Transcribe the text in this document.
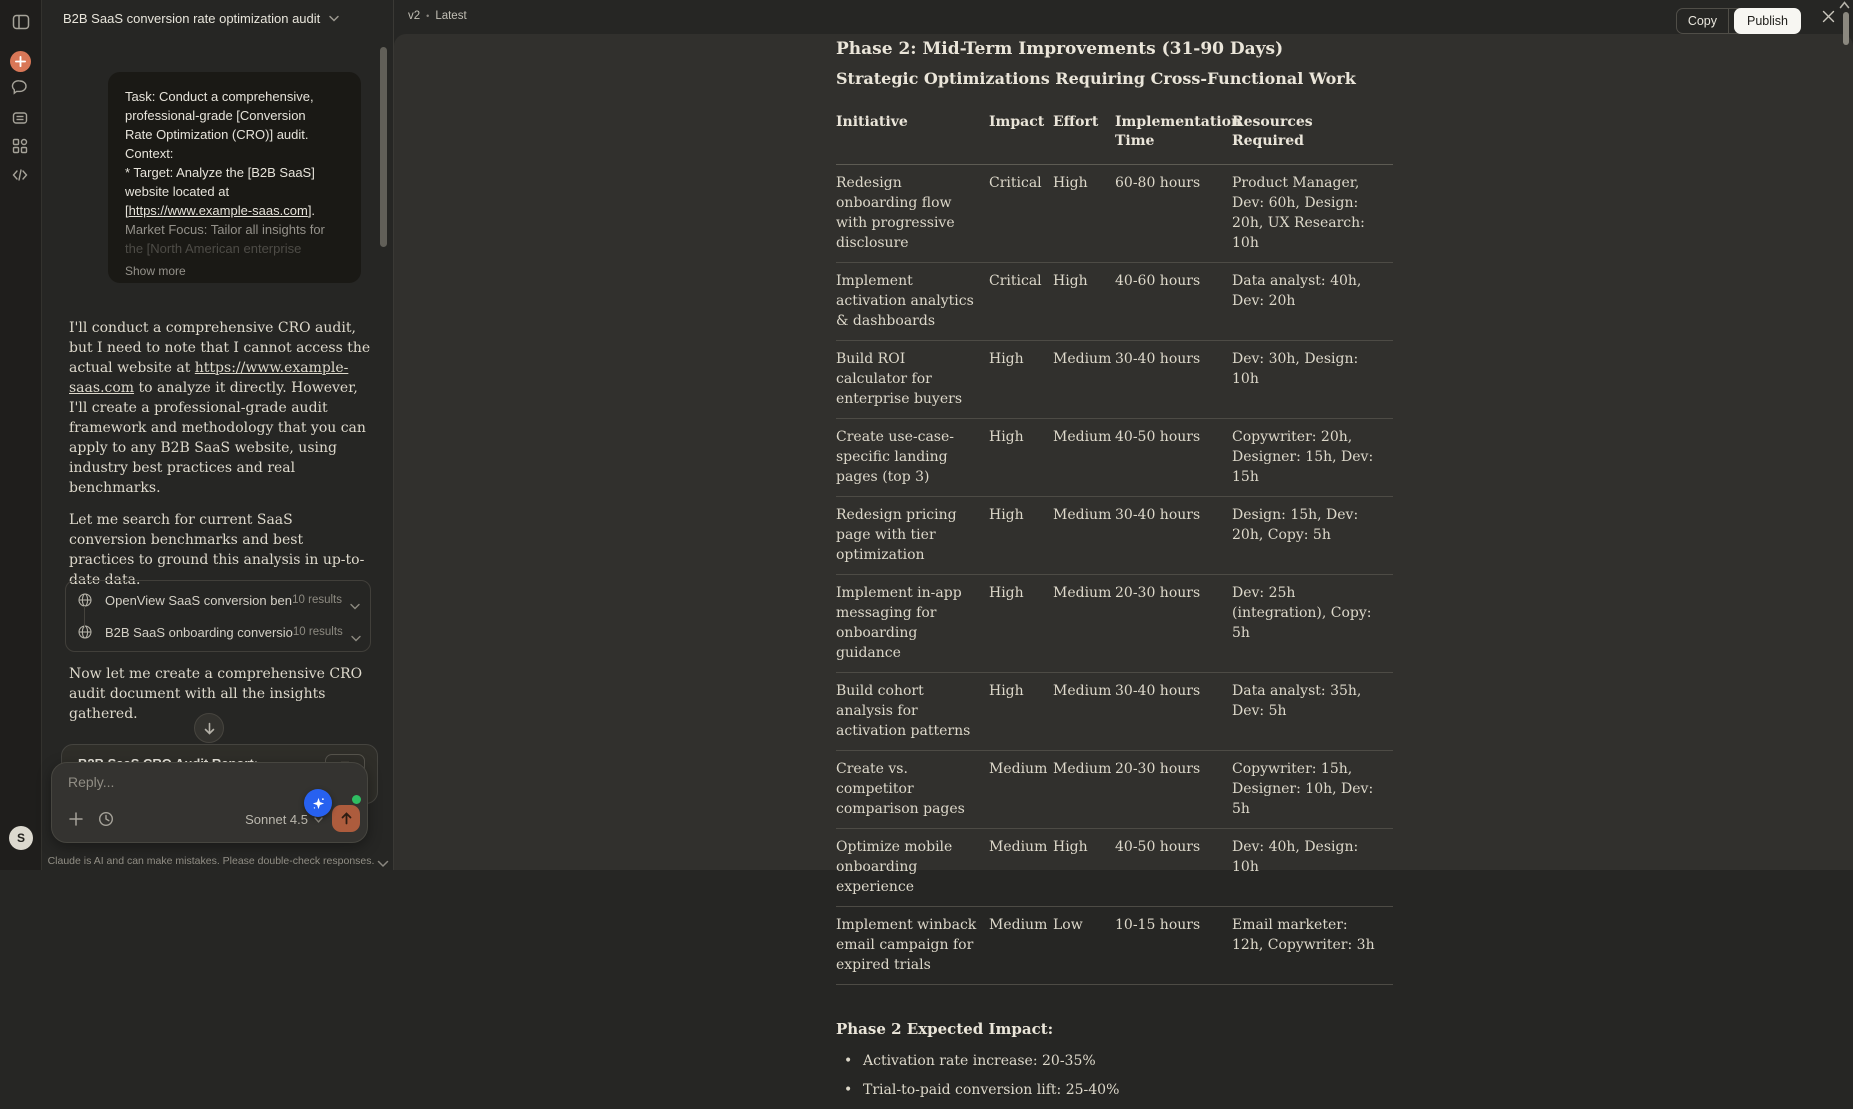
S
B2B SaaS conversion rate optimization audit
Task: Conduct a comprehensive,
professional-grade [Conversion
Rate Optimization (CRO)] audit.
Context:
* Target: Analyze the [B2B SaaS]
website located at
[https://www.example-saas.com].
Market Focus: Tailor all insights for
the [North American enterprise
Show more
I'll conduct a comprehensive CRO audit, but I need to note that I cannot access the actual website at https://www.example-saas.com to analyze it directly. However, I'll create a professional-grade audit framework and methodology that you can apply to any B2B SaaS website, using industry best practices and real benchmarks.
Let me search for current SaaS conversion benchmarks and best practices to ground this analysis in up-to-date data.
OpenView SaaS conversion ben 10 results
B2B SaaS onboarding conversio 10 results
Now let me create a comprehensive CRO audit document with all the insights gathered.
Reply...
Sonnet 4.5
Claude is AI and can make mistakes. Please double-check responses.
v2 • Latest	Copy	Publish
Phase 2: Mid-Term Improvements (31-90 Days)
Strategic Optimizations Requiring Cross-Functional Work
Initiative	Impact	Effort	Implementation Time	Resources Required
Redesign onboarding flow with progressive disclosure	Critical	High	60-80 hours	Product Manager, Dev: 60h, Design: 20h, UX Research: 10h
Implement activation analytics & dashboards	Critical	High	40-60 hours	Data analyst: 40h, Dev: 20h
Build ROI calculator for enterprise buyers	High	Medium	30-40 hours	Dev: 30h, Design: 10h
Create use-case-specific landing pages (top 3)	High	Medium	40-50 hours	Copywriter: 20h, Designer: 15h, Dev: 15h
Redesign pricing page with tier optimization	High	Medium	30-40 hours	Design: 15h, Dev: 20h, Copy: 5h
Implement in-app messaging for onboarding guidance	High	Medium	20-30 hours	Dev: 25h (integration), Copy: 5h
Build cohort analysis for activation patterns	High	Medium	30-40 hours	Data analyst: 35h, Dev: 5h
Create vs. competitor comparison pages	Medium	Medium	20-30 hours	Copywriter: 15h, Designer: 10h, Dev: 5h
Optimize mobile onboarding experience	Medium	High	40-50 hours	Dev: 40h, Design: 10h
Implement winback email campaign for expired trials	Medium	Low	10-15 hours	Email marketer: 12h, Copywriter: 3h
Phase 2 Expected Impact:
• Activation rate increase: 20-35%
• Trial-to-paid conversion lift: 25-40%
